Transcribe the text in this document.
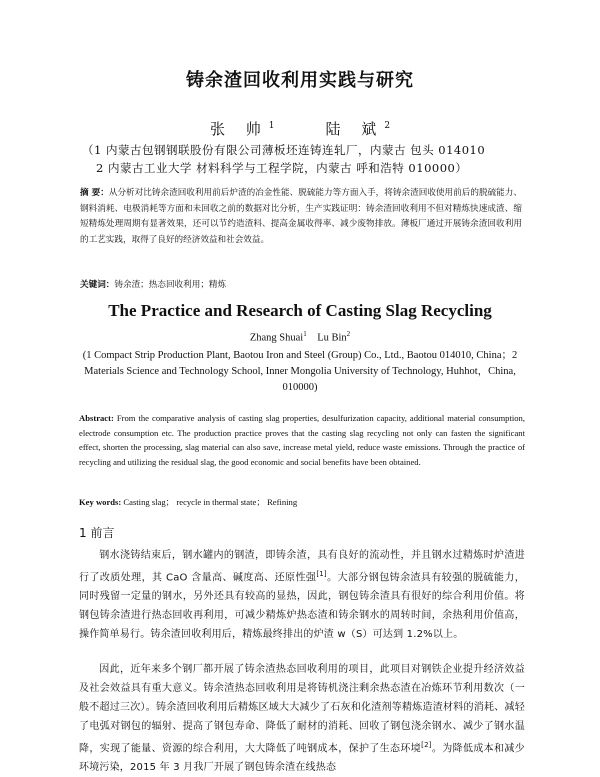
铸余渣回收利用实践与研究
张 帅$^1$	陆 斌$^2$
（1 内蒙古包钢钢联股份有限公司薄板坯连铸连轧厂，内蒙古 包头 014010
2 内蒙古工业大学 材料科学与工程学院，内蒙古 呼和浩特 010000）
摘 要：从分析对比铸余渣回收利用前后炉渣的冶金性能、脱硫能力等方面入手，将铸余渣回收使用前后的脱硫能力、钢料消耗、电极消耗等方面和未回收之前的数据对比分析，生产实践证明：铸余渣回收利用不但对精炼快速成渣、缩短精炼处理周期有显著效果，还可以节约造渣料、提高金属收得率、减少废物排放。薄板厂通过开展铸余渣回收利用的工艺实践，取得了良好的经济效益和社会效益。
关键词：铸余渣；热态回收利用；精炼
The Practice and Research of Casting Slag Recycling
Zhang Shuai$^1$ Lu Bin$^2$
(1 Compact Strip Production Plant, Baotou Iron and Steel (Group) Co., Ltd., Baotou 014010, China；2 Materials Science and Technology School, Inner Mongolia University of Technology, Huhhot，China, 010000)
Abstract: From the comparative analysis of casting slag properties, desulfurization capacity, additional material consumption, electrode consumption etc. The production practice proves that the casting slag recycling not only can fasten the significant effect, shorten the processing, slag material can also save, increase metal yield, reduce waste emissions. Through the practice of recycling and utilizing the residual slag, the good economic and social benefits have been obtained.
Key words: Casting slag； recycle in thermal state； Refining
1 前言
钢水浇铸结束后，钢水罐内的钢渣，即铸余渣，具有良好的流动性，并且钢水过精炼时炉渣进行了改质处理，其 CaO 含量高、碱度高、还原性强[1]。大部分钢包铸余渣具有较强的脱硫能力，同时残留一定量的钢水，另外还具有较高的显热，因此，钢包铸余渣具有很好的综合利用价值。将钢包铸余渣进行热态回收再利用，可减少精炼炉热态渣和铸余钢水的周转时间，余热利用价值高，操作简单易行。铸余渣回收利用后，精炼最终排出的炉渣 w（S）可达到 1.2%以上。
因此，近年来多个钢厂都开展了铸余渣热态回收利用的项目，此项目对钢铁企业提升经济效益及社会效益具有重大意义。铸余渣热态回收利用是将铸机浇注剩余热态渣在冶炼环节利用数次（一般不超过三次）。铸余渣回收利用后精炼区域大大减少了石灰和化渣剂等精炼造渣材料的消耗、减轻了电弧对钢包的辐射、提高了钢包寿命、降低了耐材的消耗、回收了钢包浇余钢水、减少了钢水温降，实现了能量、资源的综合利用，大大降低了吨钢成本，保护了生态环境[2]。为降低成本和减少环境污染，2015 年 3 月我厂开展了钢包铸余渣在线热态
